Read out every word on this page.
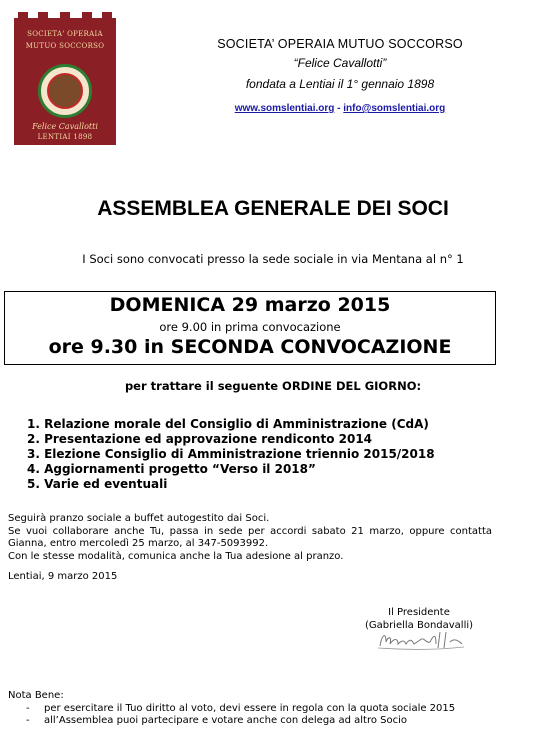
SOCIETA' OPERAIA
MUTUO SOCCORSO
Felice Cavallotti
LENTIAI 1898
SOCIETA’ OPERAIA MUTUO SOCCORSO
“Felice Cavallotti”
fondata a Lentiai il 1° gennaio 1898
www.somslentiai.org - info@somslentiai.org
ASSEMBLEA GENERALE DEI SOCI
I Soci sono convocati presso la sede sociale in via Mentana al n° 1
DOMENICA 29 marzo 2015
ore 9.00 in prima convocazione
ore 9.30 in SECONDA CONVOCAZIONE
per trattare il seguente ORDINE DEL GIORNO:
1. Relazione morale del Consiglio di Amministrazione (CdA)
2. Presentazione ed approvazione rendiconto 2014
3. Elezione Consiglio di Amministrazione triennio 2015/2018
4. Aggiornamenti progetto “Verso il 2018”
5. Varie ed eventuali
Seguirà pranzo sociale a buffet autogestito dai Soci.
Se vuoi collaborare anche Tu, passa in sede per accordi sabato 21 marzo, oppure contatta
Gianna, entro mercoledì 25 marzo, al 347-5093992.
Con le stesse modalità, comunica anche la Tua adesione al pranzo.
Lentiai, 9 marzo 2015
Il Presidente
(Gabriella Bondavalli)
Nota Bene:
- per esercitare il Tuo diritto al voto, devi essere in regola con la quota sociale 2015
- all’Assemblea puoi partecipare e votare anche con delega ad altro Socio
